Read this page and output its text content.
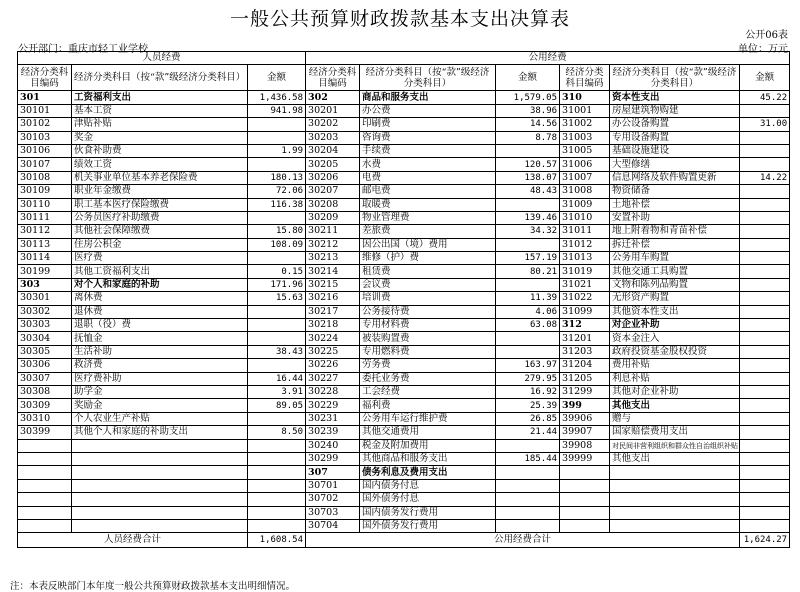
一般公共预算财政拨款基本支出决算表
公开06表
公开部门：重庆市轻工业学校	单位：万元
人员经费			公用经费					
经济分类科目编码	经济分类科目（按“款”级经济分类科目）	金额	经济分类科目编码	经济分类科目（按“款”级经济分类科目）	金额	经济分类科目编码	经济分类科目（按“款”级经济分类科目）	金额
301	工资福利支出	1,436.58	302	商品和服务支出	1,579.05	310	资本性支出	45.22
30101	基本工资	941.98	30201	办公费	38.96	31001	房屋建筑物购建	
30102	津贴补贴		30202	印刷费	14.56	31002	办公设备购置	31.00
30103	奖金		30203	咨询费	8.78	31003	专用设备购置	
30106	伙食补助费	1.99	30204	手续费		31005	基础设施建设	
30107	绩效工资		30205	水费	120.57	31006	大型修缮	
30108	机关事业单位基本养老保险费	180.13	30206	电费	138.07	31007	信息网络及软件购置更新	14.22
30109	职业年金缴费	72.06	30207	邮电费	48.43	31008	物资储备	
30110	职工基本医疗保险缴费	116.38	30208	取暖费		31009	土地补偿	
30111	公务员医疗补助缴费		30209	物业管理费	139.46	31010	安置补助	
30112	其他社会保障缴费	15.80	30211	差旅费	34.32	31011	地上附着物和青苗补偿	
30113	住房公积金	108.09	30212	因公出国（境）费用		31012	拆迁补偿	
30114	医疗费		30213	维修（护）费	157.19	31013	公务用车购置	
30199	其他工资福利支出	0.15	30214	租赁费	80.21	31019	其他交通工具购置	
303	对个人和家庭的补助	171.96	30215	会议费		31021	文物和陈列品购置	
30301	离休费	15.63	30216	培训费	11.39	31022	无形资产购置	
30302	退休费		30217	公务接待费	4.06	31099	其他资本性支出	
30303	退职（役）费		30218	专用材料费	63.08	312	对企业补助	
30304	抚恤金		30224	被装购置费		31201	资本金注入	
30305	生活补助	38.43	30225	专用燃料费		31203	政府投资基金股权投资	
30306	救济费		30226	劳务费	163.97	31204	费用补贴	
30307	医疗费补助	16.44	30227	委托业务费	279.95	31205	利息补贴	
30308	助学金	3.91	30228	工会经费	16.92	31299	其他对企业补助	
30309	奖励金	89.05	30229	福利费	25.39	399	其他支出	
30310	个人农业生产补贴		30231	公务用车运行维护费	26.85	39906	赠与	
30399	其他个人和家庭的补助支出	8.50	30239	其他交通费用	21.44	39907	国家赔偿费用支出	
			30240	税金及附加费用		39908	对民间非营利组织和群众性自治组织补贴	
			30299	其他商品和服务支出	185.44	39999	其他支出	
			307	债务利息及费用支出				
			30701	国内债务付息				
			30702	国外债务付息				
			30703	国内债务发行费用				
			30704	国外债务发行费用				
人员经费合计		1,608.54	公用经费合计					1,624.27
注：本表反映部门本年度一般公共预算财政拨款基本支出明细情况。
